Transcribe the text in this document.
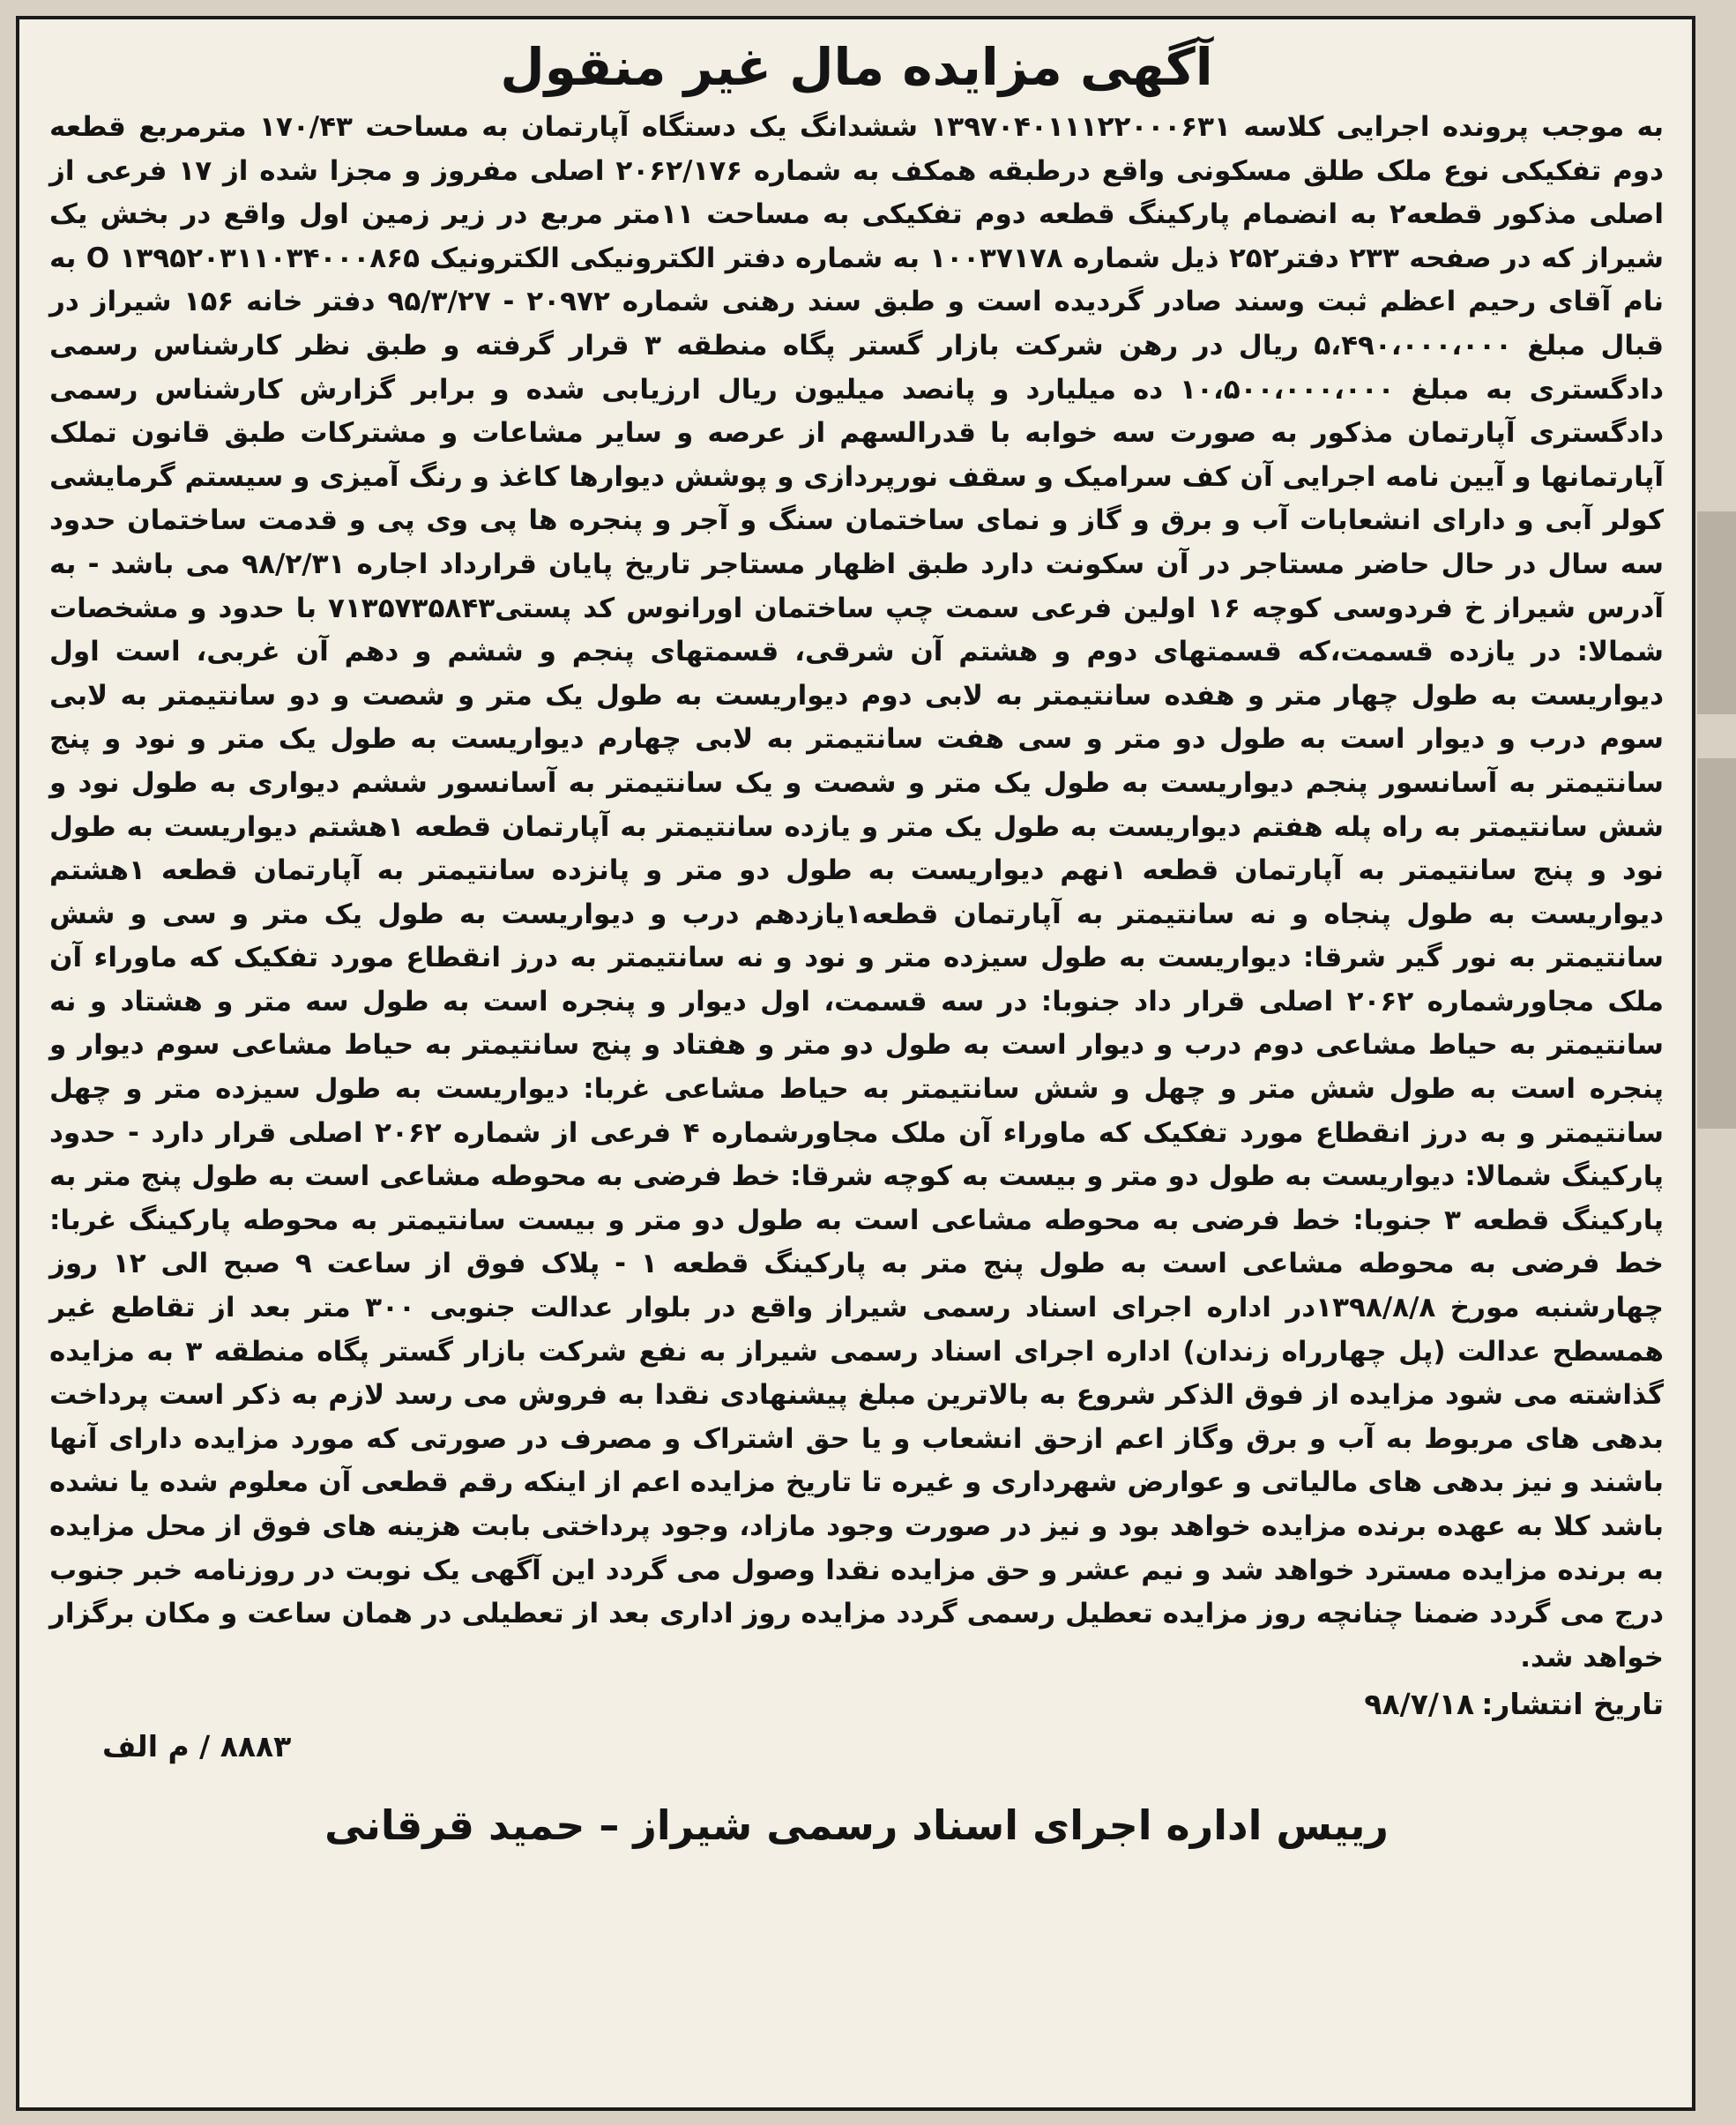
آگهی مزایده مال غیر منقول

به موجب پرونده اجرایی کلاسه ۱۳۹۷۰۴۰۱۱۱۲۲۰۰۰۶۳۱ ششدانگ یک دستگاه آپارتمان به مساحت ۱۷۰/۴۳ مترمربع قطعه دوم تفکیکی نوع ملک طلق مسکونی واقع درطبقه همکف به شماره ۲۰۶۲/۱۷۶ اصلی مفروز و مجزا شده از ۱۷ فرعی از اصلی مذکور قطعه۲ به انضمام پارکینگ قطعه دوم تفکیکی به مساحت ۱۱متر مربع در زیر زمین اول واقع در بخش یک شیراز که در صفحه ۲۳۳ دفتر۲۵۲ ذیل شماره ۱۰۰۳۷۱۷۸ به شماره دفتر الکترونیکی الکترونیک ۱۳۹۵۲۰۳۱۱۰۳۴۰۰۰۸۶۵ O به نام آقای رحیم اعظم ثبت وسند صادر گردیده است و طبق سند رهنی شماره ۲۰۹۷۲ - ۹۵/۳/۲۷ دفتر خانه ۱۵۶ شیراز در قبال مبلغ ۵،۴۹۰،۰۰۰،۰۰۰ ریال در رهن شرکت بازار گستر پگاه منطقه ۳ قرار گرفته و طبق نظر کارشناس رسمی دادگستری به مبلغ ۱۰،۵۰۰،۰۰۰،۰۰۰ ده میلیارد و پانصد میلیون ریال ارزیابی شده و برابر گزارش کارشناس رسمی دادگستری آپارتمان مذکور به صورت سه خوابه با قدرالسهم از عرصه و سایر مشاعات و مشترکات طبق قانون تملک آپارتمانها و آیین نامه اجرایی آن کف سرامیک و سقف نورپردازی و پوشش دیوارها کاغذ و رنگ آمیزی و سیستم گرمایشی کولر آبی و دارای انشعابات آب و برق و گاز و نمای ساختمان سنگ و آجر و پنجره ها پی وی پی و قدمت ساختمان حدود سه سال در حال حاضر مستاجر در آن سکونت دارد طبق اظهار مستاجر تاریخ پایان قرارداد اجاره ۹۸/۲/۳۱ می باشد - به آدرس شیراز خ فردوسی کوچه ۱۶ اولین فرعی سمت چپ ساختمان اورانوس کد پستی۷۱۳۵۷۳۵۸۴۳ با حدود و مشخصات شمالا: در یازده قسمت،که قسمتهای دوم و هشتم آن شرقی، قسمتهای پنجم و ششم و دهم آن غربی، است اول دیواریست به طول چهار متر و هفده سانتیمتر به لابی دوم دیواریست به طول یک متر و شصت و دو سانتیمتر به لابی سوم درب و دیوار است به طول دو متر و سی هفت سانتیمتر به لابی چهارم دیواریست به طول یک متر و نود و پنج سانتیمتر به آسانسور پنجم دیواریست به طول یک متر و شصت و یک سانتیمتر به آسانسور ششم دیواری به طول نود و شش سانتیمتر به راه پله هفتم دیواریست به طول یک متر و یازده سانتیمتر به آپارتمان قطعه ۱هشتم دیواریست به طول نود و پنج سانتیمتر به آپارتمان قطعه ۱نهم دیواریست به طول دو متر و پانزده سانتیمتر به آپارتمان قطعه ۱هشتم دیواریست به طول پنجاه و نه سانتیمتر به آپارتمان قطعه۱یازدهم درب و دیواریست به طول یک متر و سی و شش سانتیمتر به نور گیر شرقا: دیواریست به طول سیزده متر و نود و نه سانتیمتر به درز انقطاع مورد تفکیک که ماوراء آن ملک مجاورشماره ۲۰۶۲ اصلی قرار داد جنوبا: در سه قسمت، اول دیوار و پنجره است به طول سه متر و هشتاد و نه سانتیمتر به حیاط مشاعی دوم درب و دیوار است به طول دو متر و هفتاد و پنج سانتیمتر به حیاط مشاعی سوم دیوار و پنجره است به طول شش متر و چهل و شش سانتیمتر به حیاط مشاعی غربا: دیواریست به طول سیزده متر و چهل سانتیمتر و به درز انقطاع مورد تفکیک که ماوراء آن ملک مجاورشماره ۴ فرعی از شماره ۲۰۶۲ اصلی قرار دارد - حدود پارکینگ شمالا: دیواریست به طول دو متر و بیست به کوچه شرقا: خط فرضی به محوطه مشاعی است به طول پنج متر به پارکینگ قطعه ۳ جنوبا: خط فرضی به محوطه مشاعی است به طول دو متر و بیست سانتیمتر به محوطه پارکینگ غربا: خط فرضی به محوطه مشاعی است به طول پنج متر به پارکینگ قطعه ۱ - پلاک فوق از ساعت ۹ صبح الی ۱۲ روز چهارشنبه مورخ ۱۳۹۸/۸/۸در اداره اجرای اسناد رسمی شیراز واقع در بلوار عدالت جنوبی ۳۰۰ متر بعد از تقاطع غیر همسطح عدالت (پل چهارراه زندان) اداره اجرای اسناد رسمی شیراز به نفع شرکت بازار گستر پگاه منطقه ۳ به مزایده گذاشته می شود مزایده از فوق الذکر شروع به بالاترین مبلغ پیشنهادی نقدا به فروش می رسد لازم به ذکر است پرداخت بدهی های مربوط به آب و برق وگاز اعم ازحق انشعاب و یا حق اشتراک و مصرف در صورتی که مورد مزایده دارای آنها باشند و نیز بدهی های مالیاتی و عوارض شهرداری و غیره تا تاریخ مزایده اعم از اینکه رقم قطعی آن معلوم شده یا نشده باشد کلا به عهده برنده مزایده خواهد بود و نیز در صورت وجود مازاد، وجود پرداختی بابت هزینه های فوق از محل مزایده به برنده مزایده مسترد خواهد شد و نیم عشر و حق مزایده نقدا وصول می گردد این آگهی یک نوبت در روزنامه خبر جنوب درج می گردد ضمنا چنانچه روز مزایده تعطیل رسمی گردد مزایده روز اداری بعد از تعطیلی در همان ساعت و مکان برگزار خواهد شد.

تاریخ انتشار:۹۸/۷/۱۸
۸۸۸۳ / م الف
رییس اداره اجرای اسناد رسمی شیراز – حمید قرقانی
